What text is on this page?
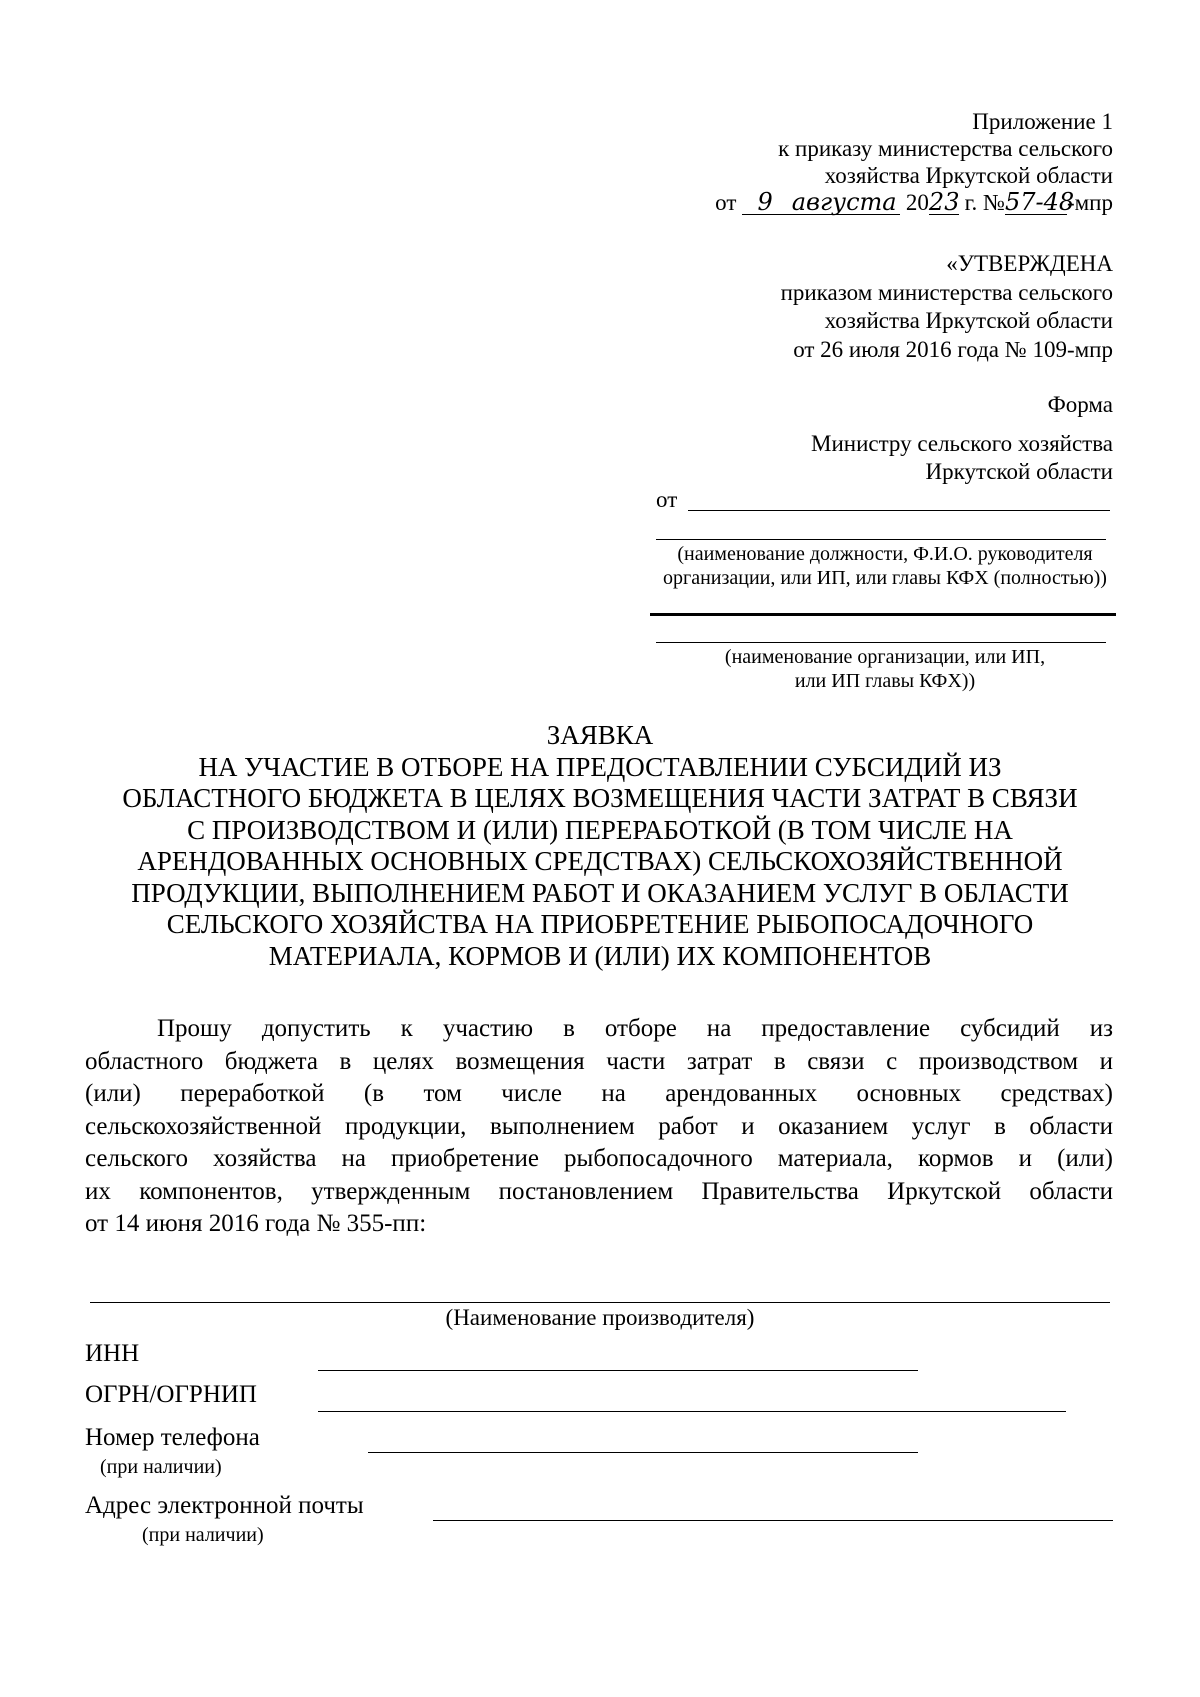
Приложение 1
к приказу министерства сельского
хозяйства Иркутской области
от 9 августа 2023 г. №57-48-мпр
«УТВЕРЖДЕНА
приказом министерства сельского
хозяйства Иркутской области
от 26 июля 2016 года № 109-мпр
Форма
Министру сельского хозяйства
Иркутской области
от
(наименование должности, Ф.И.О. руководителя
организации, или ИП, или главы КФХ (полностью))
(наименование организации, или ИП,
или ИП главы КФХ))
ЗАЯВКА
НА УЧАСТИЕ В ОТБОРЕ НА ПРЕДОСТАВЛЕНИИ СУБСИДИЙ ИЗ
ОБЛАСТНОГО БЮДЖЕТА В ЦЕЛЯХ ВОЗМЕЩЕНИЯ ЧАСТИ ЗАТРАТ В СВЯЗИ
С ПРОИЗВОДСТВОМ И (ИЛИ) ПЕРЕРАБОТКОЙ (В ТОМ ЧИСЛЕ НА
АРЕНДОВАННЫХ ОСНОВНЫХ СРЕДСТВАХ) СЕЛЬСКОХОЗЯЙСТВЕННОЙ
ПРОДУКЦИИ, ВЫПОЛНЕНИЕМ РАБОТ И ОКАЗАНИЕМ УСЛУГ В ОБЛАСТИ
СЕЛЬСКОГО ХОЗЯЙСТВА НА ПРИОБРЕТЕНИЕ РЫБОПОСАДОЧНОГО
МАТЕРИАЛА, КОРМОВ И (ИЛИ) ИХ КОМПОНЕНТОВ
Прошу допустить к участию в отборе на предоставление субсидий из
областного бюджета в целях возмещения части затрат в связи с производством и
(или) переработкой (в том числе на арендованных основных средствах)
сельскохозяйственной продукции, выполнением работ и оказанием услуг в области
сельского хозяйства на приобретение рыбопосадочного материала, кормов и (или)
их компонентов, утвержденным постановлением Правительства Иркутской области
от 14 июня 2016 года № 355-пп:
(Наименование производителя)
ИНН
ОГРН/ОГРНИП
Номер телефона
(при наличии)
Адрес электронной почты
(при наличии)
